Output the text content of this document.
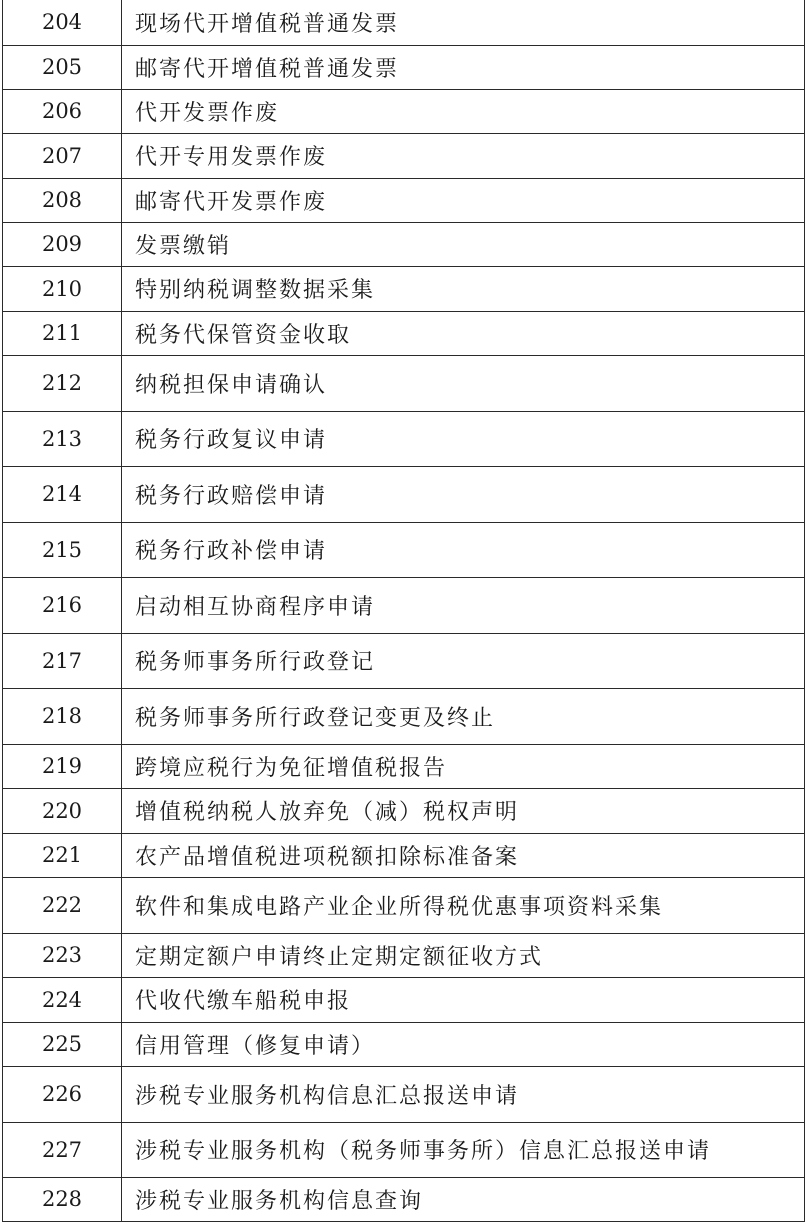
204	现场代开增值税普通发票
205	邮寄代开增值税普通发票
206	代开发票作废
207	代开专用发票作废
208	邮寄代开发票作废
209	发票缴销
210	特别纳税调整数据采集
211	税务代保管资金收取
212	纳税担保申请确认
213	税务行政复议申请
214	税务行政赔偿申请
215	税务行政补偿申请
216	启动相互协商程序申请
217	税务师事务所行政登记
218	税务师事务所行政登记变更及终止
219	跨境应税行为免征增值税报告
220	增值税纳税人放弃免（减）税权声明
221	农产品增值税进项税额扣除标准备案
222	软件和集成电路产业企业所得税优惠事项资料采集
223	定期定额户申请终止定期定额征收方式
224	代收代缴车船税申报
225	信用管理（修复申请）
226	涉税专业服务机构信息汇总报送申请
227	涉税专业服务机构（税务师事务所）信息汇总报送申请
228	涉税专业服务机构信息查询
